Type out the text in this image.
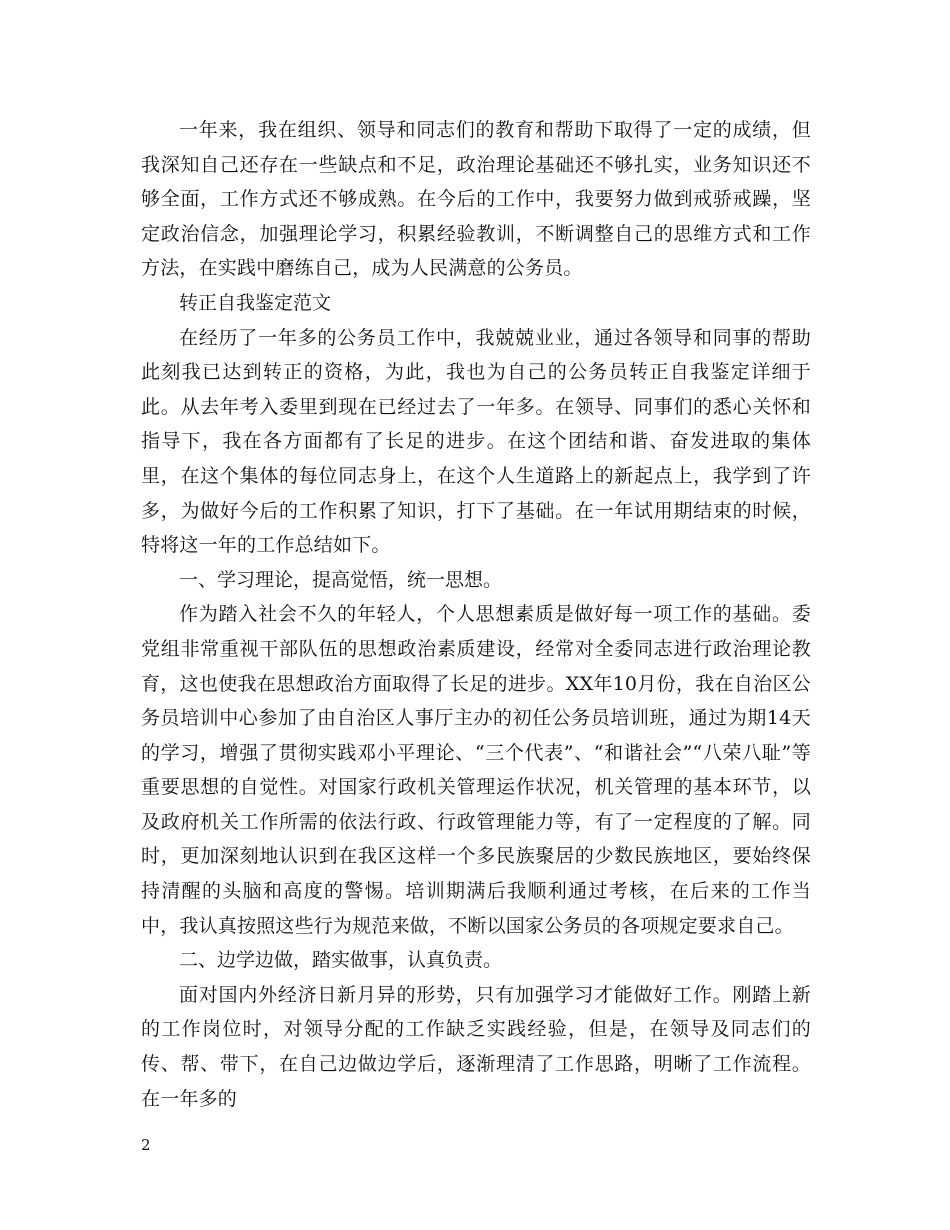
一年来，我在组织、领导和同志们的教育和帮助下取得了一定的成绩，但我深知自己还存在一些缺点和不足，政治理论基础还不够扎实，业务知识还不够全面，工作方式还不够成熟。在今后的工作中，我要努力做到戒骄戒躁，坚定政治信念，加强理论学习，积累经验教训，不断调整自己的思维方式和工作方法，在实践中磨练自己，成为人民满意的公务员。

转正自我鉴定范文

在经历了一年多的公务员工作中，我兢兢业业，通过各领导和同事的帮助此刻我已达到转正的资格，为此，我也为自己的公务员转正自我鉴定详细于此。从去年考入委里到现在已经过去了一年多。在领导、同事们的悉心关怀和指导下，我在各方面都有了长足的进步。在这个团结和谐、奋发进取的集体里，在这个集体的每位同志身上，在这个人生道路上的新起点上，我学到了许多，为做好今后的工作积累了知识，打下了基础。在一年试用期结束的时候，特将这一年的工作总结如下。

一、学习理论，提高觉悟，统一思想。

作为踏入社会不久的年轻人，个人思想素质是做好每一项工作的基础。委党组非常重视干部队伍的思想政治素质建设，经常对全委同志进行政治理论教育，这也使我在思想政治方面取得了长足的进步。XX年10月份，我在自治区公务员培训中心参加了由自治区人事厅主办的初任公务员培训班，通过为期14天的学习，增强了贯彻实践邓小平理论、“三个代表”、“和谐社会”“八荣八耻”等重要思想的自觉性。对国家行政机关管理运作状况，机关管理的基本环节，以及政府机关工作所需的依法行政、行政管理能力等，有了一定程度的了解。同时，更加深刻地认识到在我区这样一个多民族聚居的少数民族地区，要始终保持清醒的头脑和高度的警惕。培训期满后我顺利通过考核，在后来的工作当中，我认真按照这些行为规范来做，不断以国家公务员的各项规定要求自己。

二、边学边做，踏实做事，认真负责。

面对国内外经济日新月异的形势，只有加强学习才能做好工作。刚踏上新的工作岗位时，对领导分配的工作缺乏实践经验，但是，在领导及同志们的传、帮、带下，在自己边做边学后，逐渐理清了工作思路，明晰了工作流程。在一年多的

2
